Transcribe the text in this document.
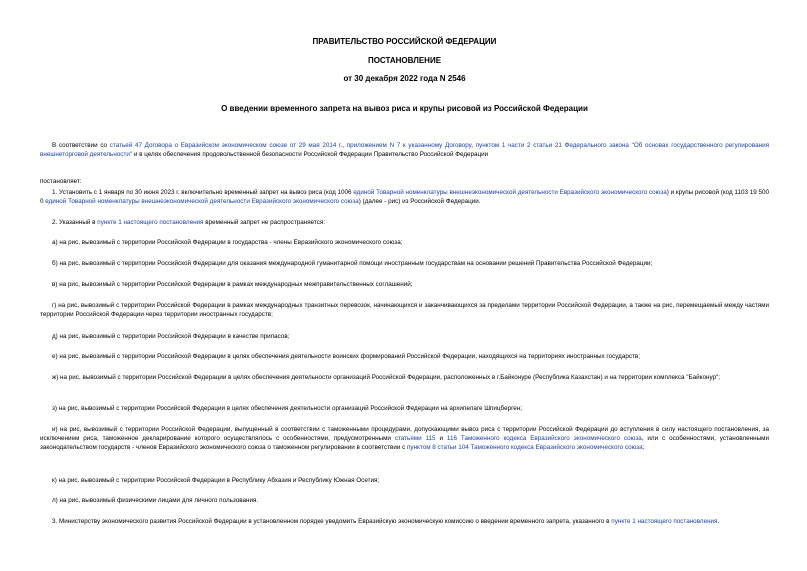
ПРАВИТЕЛЬСТВО РОССИЙСКОЙ ФЕДЕРАЦИИ
ПОСТАНОВЛЕНИЕ
от 30 декабря 2022 года N 2546
О введении временного запрета на вывоз риса и крупы рисовой из Российской Федерации
В соответствии со статьей 47 Договора о Евразийском экономическом союзе от 29 мая 2014 г., приложением N 7 к указанному Договору, пунктом 1 части 2 статьи 21 Федерального закона "Об основах государственного регулирования внешнеторговой деятельности" и в целях обеспечения продовольственной безопасности Российской Федерации Правительство Российской Федерации
постановляет:
1. Установить с 1 января по 30 июня 2023 г. включительно временный запрет на вывоз риса (код 1006 единой Товарной номенклатуры внешнеэкономической деятельности Евразийского экономического союза) и крупы рисовой (код 1103 19 500 0 единой Товарной номенклатуры внешнеэкономической деятельности Евразийского экономического союза) (далее - рис) из Российской Федерации.
2. Указанный в пункте 1 настоящего постановления временный запрет не распространяется:
а) на рис, вывозимый с территории Российской Федерации в государства - члены Евразийского экономического союза;
б) на рис, вывозимый с территории Российской Федерации для оказания международной гуманитарной помощи иностранным государствам на основании решений Правительства Российской Федерации;
в) на рис, вывозимый с территории Российской Федерации в рамках международных межправительственных соглашений;
г) на рис, вывозимый с территории Российской Федерации в рамках международных транзитных перевозок, начинающихся и заканчивающихся за пределами территории Российской Федерации, а также на рис, перемещаемый между частями территории Российской Федерации через территории иностранных государств;
д) на рис, вывозимый с территории Российской Федерации в качестве припасов;
е) на рис, вывозимый с территории Российской Федерации в целях обеспечения деятельности воинских формирований Российской Федерации, находящихся на территориях иностранных государств;
ж) на рис, вывозимый с территории Российской Федерации в целях обеспечения деятельности организаций Российской Федерации, расположенных в г.Байконуре (Республика Казахстан) и на территории комплекса "Байконур";
з) на рис, вывозимый с территории Российской Федерации в целях обеспечения деятельности организаций Российской Федерации на архипелаге Шпицберген;
и) на рис, вывозимый с территории Российской Федерации, выпущенный в соответствии с таможенными процедурами, допускающими вывоз риса с территории Российской Федерации до вступления в силу настоящего постановления, за исключением риса, таможенное декларирование которого осуществлялось с особенностями, предусмотренными статьями 115 и 116 Таможенного кодекса Евразийского экономического союза, или с особенностями, установленными законодательством государств - членов Евразийского экономического союза о таможенном регулировании в соответствии с пунктом 8 статьи 104 Таможенного кодекса Евразийского экономического союза;
к) на рис, вывозимый с территории Российской Федерации в Республику Абхазия и Республику Южная Осетия;
л) на рис, вывозимый физическими лицами для личного пользования.
3. Министерству экономического развития Российской Федерации в установленном порядке уведомить Евразийскую экономическую комиссию о введении временного запрета, указанного в пункте 1 настоящего постановления.
